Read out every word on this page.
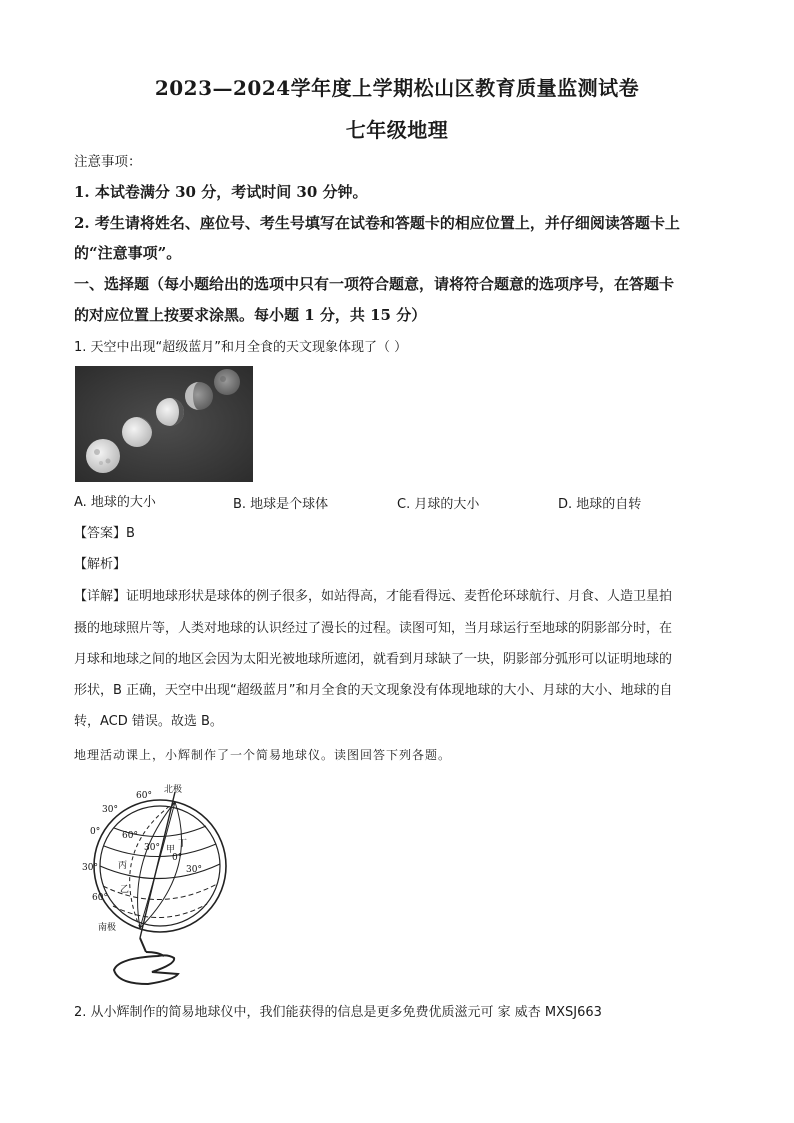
2023—2024学年度上学期松山区教育质量监测试卷
七年级地理
注意事项：
1. 本试卷满分 30 分，考试时间 30 分钟。
2. 考生请将姓名、座位号、考生号填写在试卷和答题卡的相应位置上，并仔细阅读答题卡上
的“注意事项”。
一、选择题（每小题给出的选项中只有一项符合题意，请将符合题意的选项序号，在答题卡
的对应位置上按要求涂黑。每小题 1 分，共 15 分）
1. 天空中出现“超级蓝月”和月全食的天文现象体现了（ ）
A. 地球的大小	B. 地球是个球体	C. 月球的大小	D. 地球的自转
【答案】B
【解析】
【详解】证明地球形状是球体的例子很多，如站得高，才能看得远、麦哲伦环球航行、月食、人造卫星拍
摄的地球照片等，人类对地球的认识经过了漫长的过程。读图可知，当月球运行至地球的阴影部分时，在
月球和地球之间的地区会因为太阳光被地球所遮闭，就看到月球缺了一块，阴影部分弧形可以证明地球的
形状，B 正确，天空中出现“超级蓝月”和月全食的天文现象没有体现地球的大小、月球的大小、地球的自
转，ACD 错误。故选 B。
地理活动课上，小辉制作了一个简易地球仪。读图回答下列各题。
北极
60°
30°
0°
30°
60°
60°
30°
0°
30°
甲
乙
丙
丁
南极
2. 从小辉制作的简易地球仪中，我们能获得的信息是更多免费优质滋元可 家 威杏 MXSJ663
